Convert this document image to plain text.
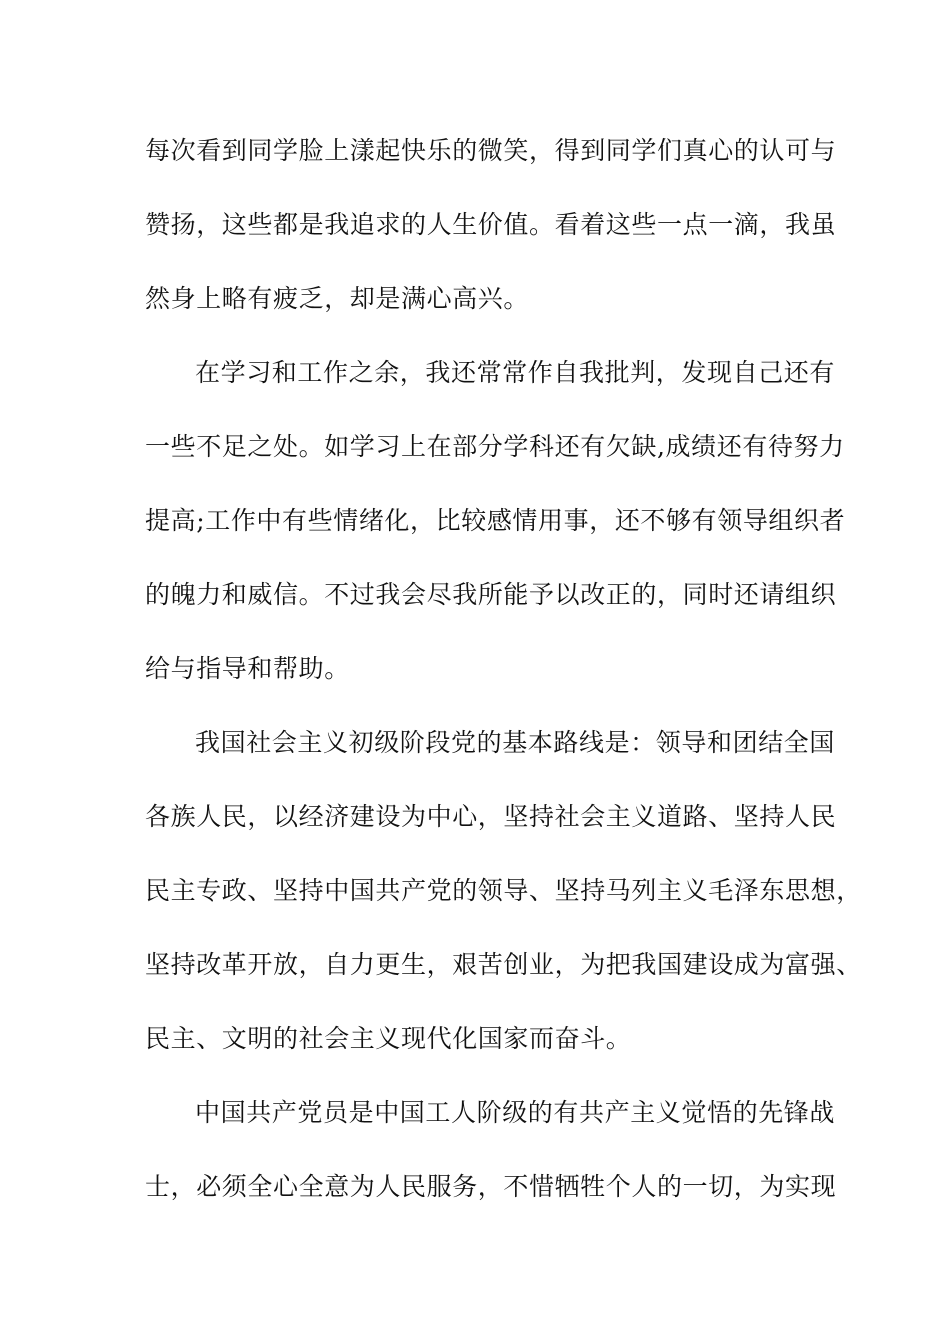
每次看到同学脸上漾起快乐的微笑，得到同学们真心的认可与
赞扬，这些都是我追求的人生价值。看着这些一点一滴，我虽
然身上略有疲乏，却是满心高兴。
在学习和工作之余，我还常常作自我批判，发现自己还有
一些不足之处。如学习上在部分学科还有欠缺,成绩还有待努力
提高;工作中有些情绪化，比较感情用事，还不够有领导组织者
的魄力和威信。不过我会尽我所能予以改正的，同时还请组织
给与指导和帮助。
我国社会主义初级阶段党的基本路线是：领导和团结全国
各族人民，以经济建设为中心，坚持社会主义道路、坚持人民
民主专政、坚持中国共产党的领导、坚持马列主义毛泽东思想，
坚持改革开放，自力更生，艰苦创业，为把我国建设成为富强、
民主、文明的社会主义现代化国家而奋斗。
中国共产党员是中国工人阶级的有共产主义觉悟的先锋战
士，必须全心全意为人民服务，不惜牺牲个人的一切，为实现
